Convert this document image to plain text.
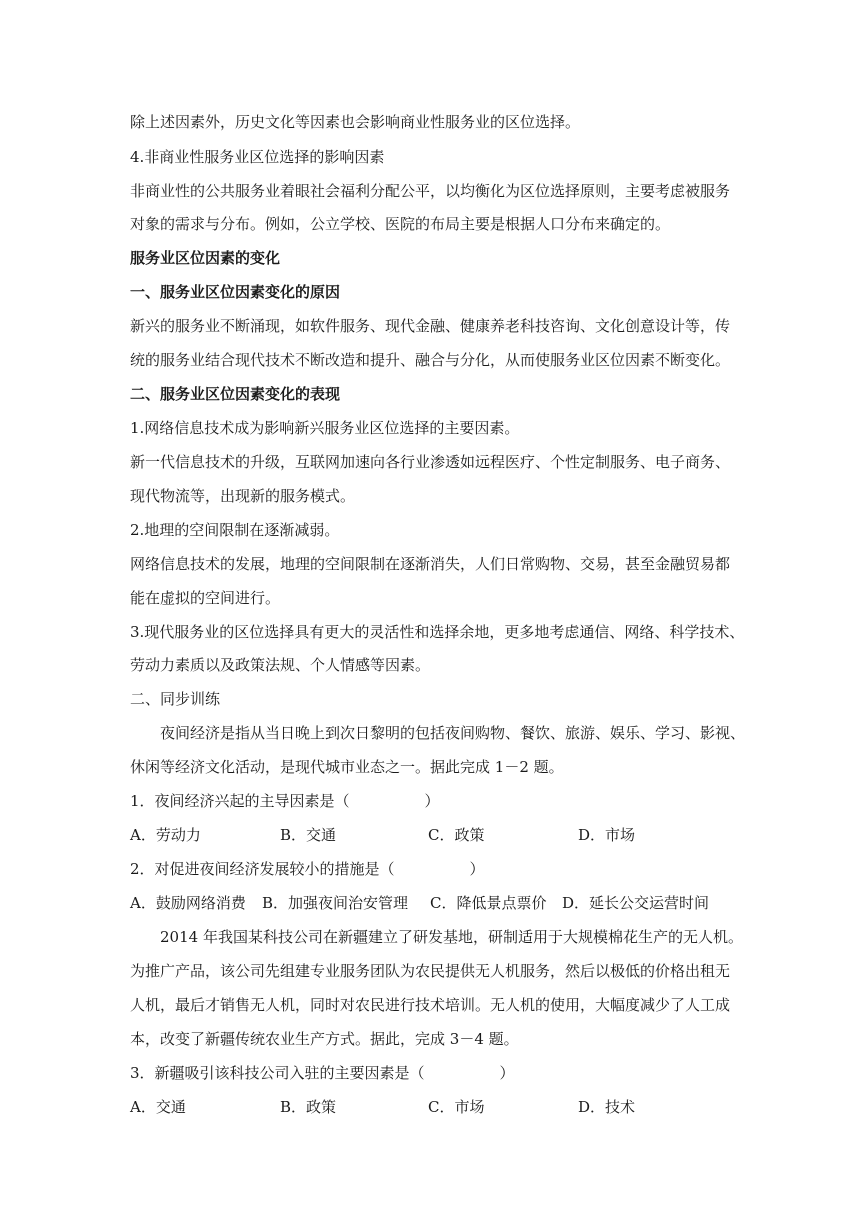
除上述因素外，历史文化等因素也会影响商业性服务业的区位选择。
4.非商业性服务业区位选择的影响因素
非商业性的公共服务业着眼社会福利分配公平，以均衡化为区位选择原则，主要考虑被服务
对象的需求与分布。例如，公立学校、医院的布局主要是根据人口分布来确定的。
服务业区位因素的变化
一、服务业区位因素变化的原因
新兴的服务业不断涌现，如软件服务、现代金融、健康养老科技咨询、文化创意设计等，传
统的服务业结合现代技术不断改造和提升、融合与分化，从而使服务业区位因素不断变化。
二、服务业区位因素变化的表现
1.网络信息技术成为影响新兴服务业区位选择的主要因素。
新一代信息技术的升级，互联网加速向各行业渗透如远程医疗、个性定制服务、电子商务、
现代物流等，出现新的服务模式。
2.地理的空间限制在逐渐减弱。
网络信息技术的发展，地理的空间限制在逐渐消失，人们日常购物、交易，甚至金融贸易都
能在虚拟的空间进行。
3.现代服务业的区位选择具有更大的灵活性和选择余地，更多地考虑通信、网络、科学技术、
劳动力素质以及政策法规、个人情感等因素。
二、同步训练
夜间经济是指从当日晚上到次日黎明的包括夜间购物、餐饮、旅游、娱乐、学习、影视、
休闲等经济文化活动，是现代城市业态之一。据此完成 1－2 题。
1．夜间经济兴起的主导因素是（　　　　　）
A．劳动力	B．交通	C．政策	D．市场
2．对促进夜间经济发展较小的措施是（　　　　　）
A．鼓励网络消费 B．加强夜间治安管理 C．降低景点票价 D．延长公交运营时间
2014 年我国某科技公司在新疆建立了研发基地，研制适用于大规模棉花生产的无人机。
为推广产品，该公司先组建专业服务团队为农民提供无人机服务，然后以极低的价格出租无
人机，最后才销售无人机，同时对农民进行技术培训。无人机的使用，大幅度减少了人工成
本，改变了新疆传统农业生产方式。据此，完成 3－4 题。
3．新疆吸引该科技公司入驻的主要因素是（　　　　　）
A．交通	B．政策	C．市场	D．技术
